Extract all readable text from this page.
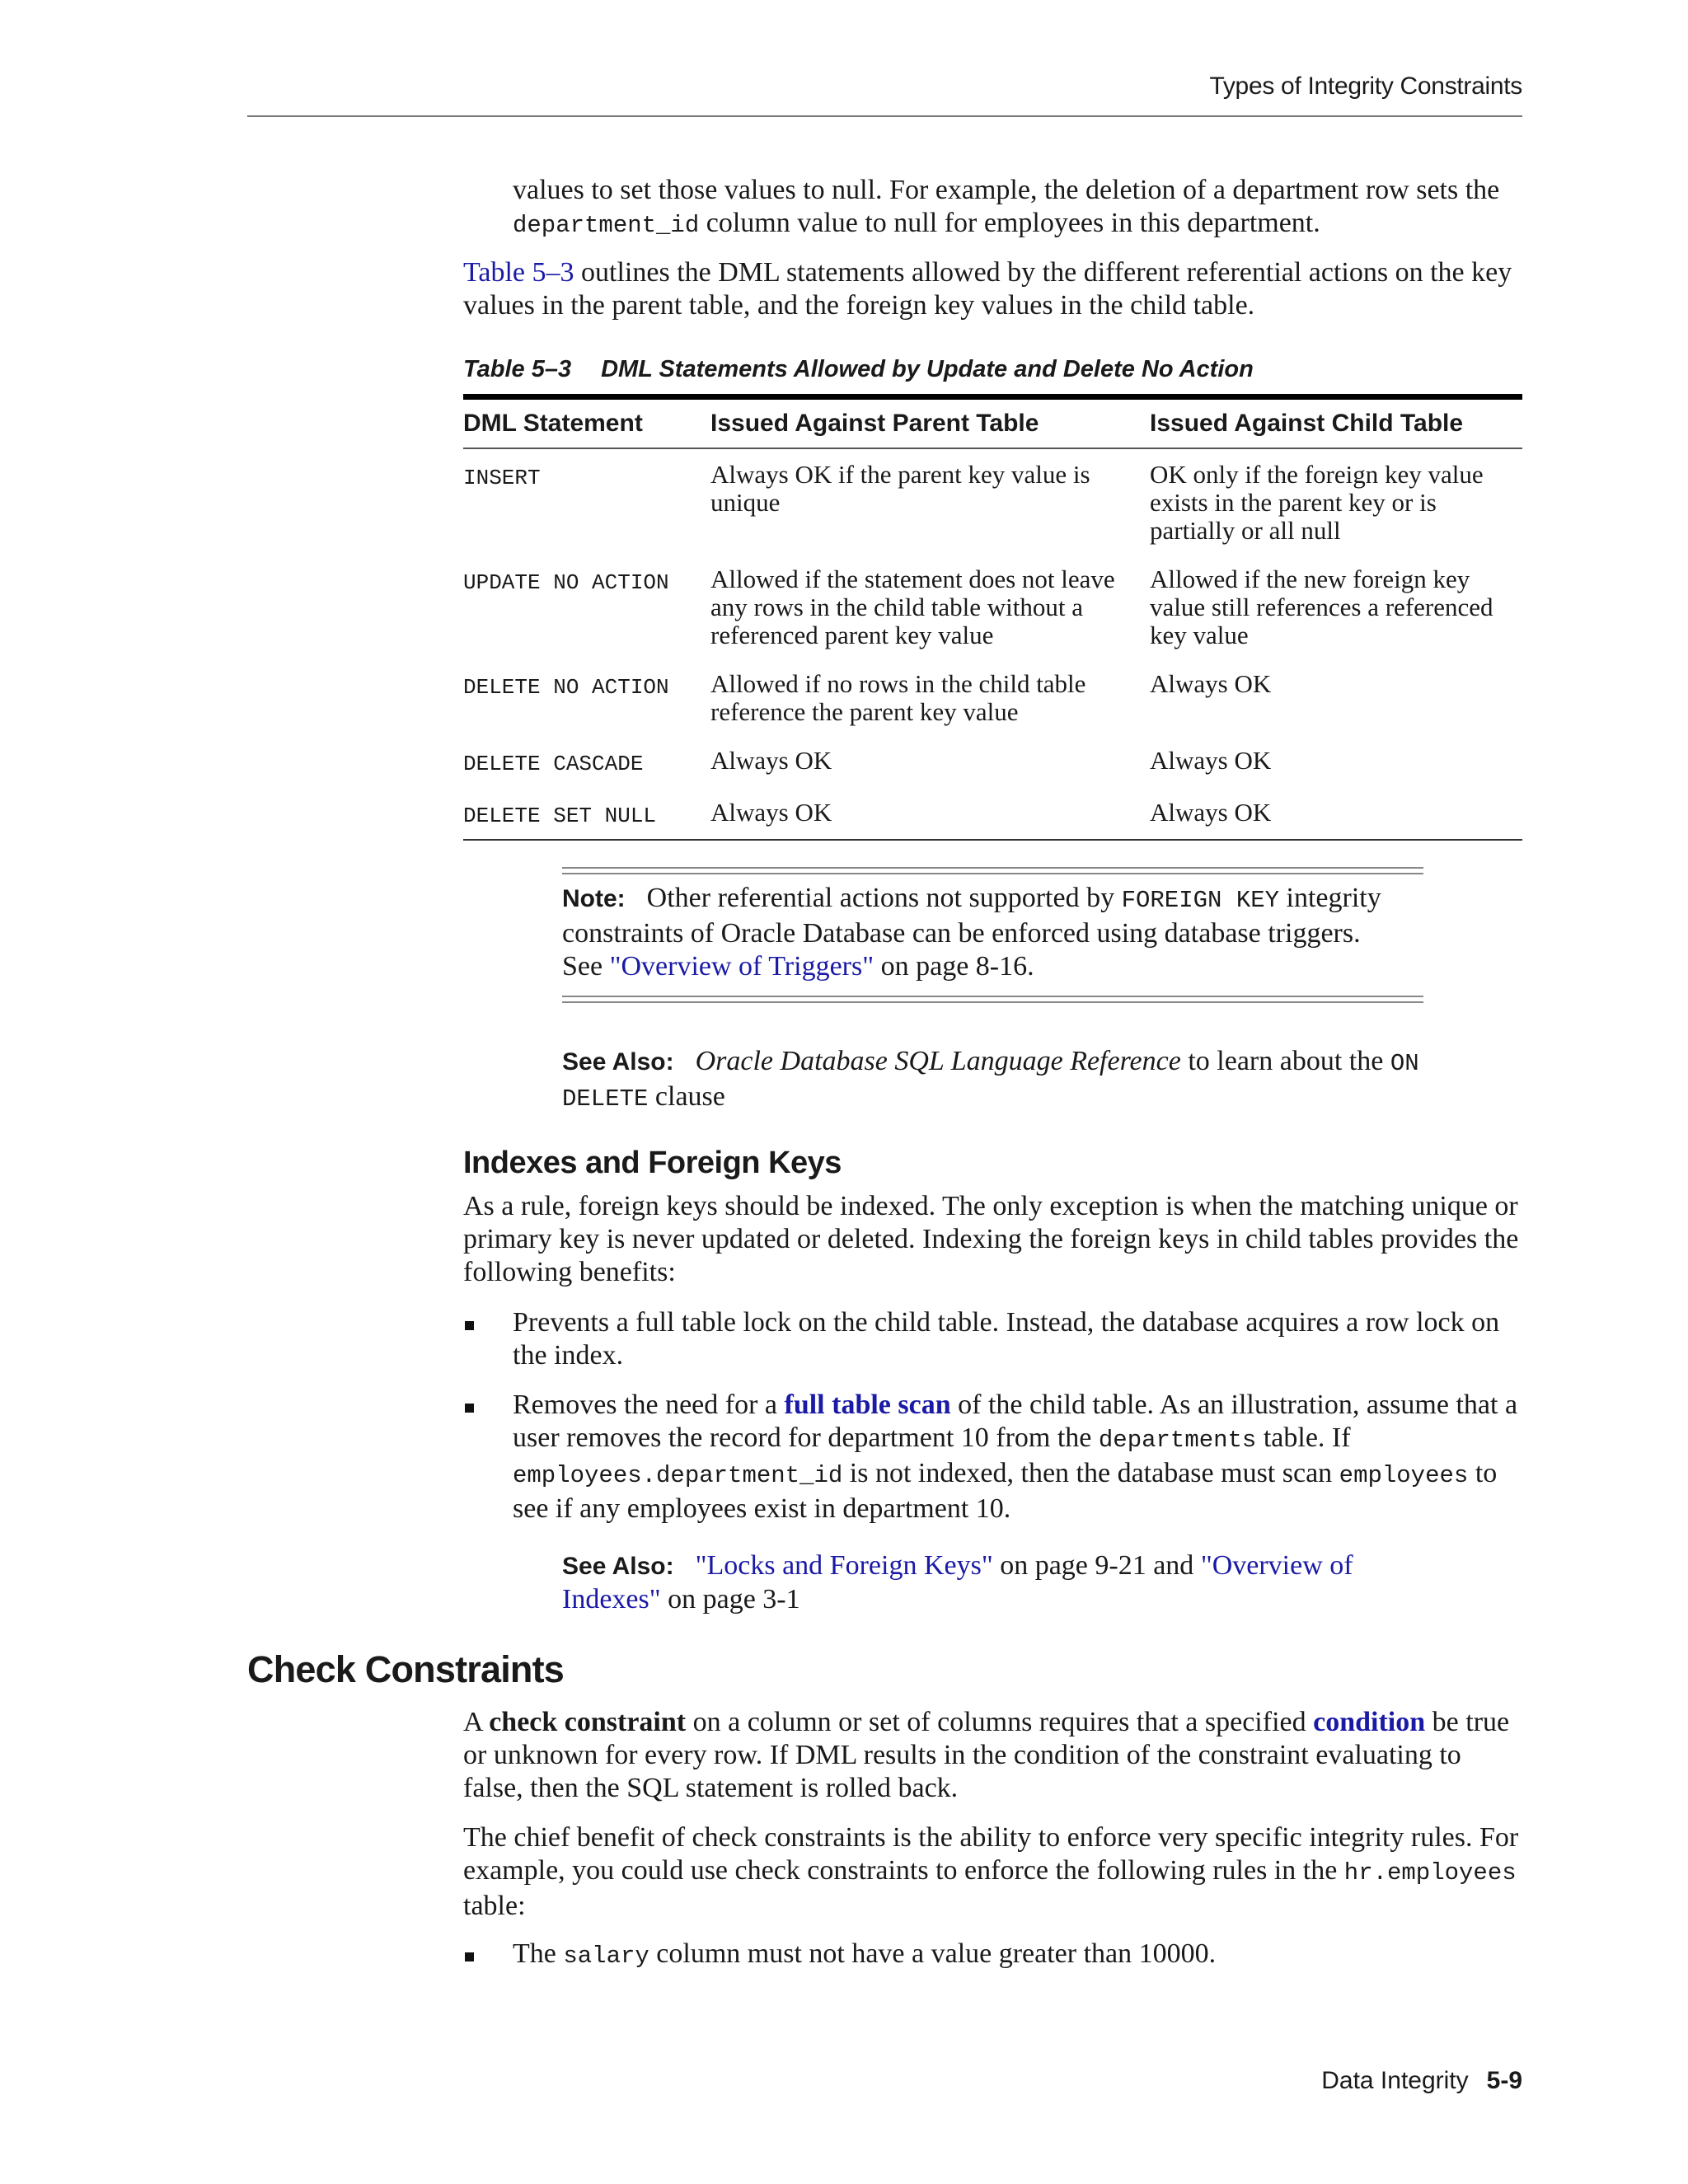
Types of Integrity Constraints

values to set those values to null. For example, the deletion of a department row sets the department_id column value to null for employees in this department.

Table 5–3 outlines the DML statements allowed by the different referential actions on the key values in the parent table, and the foreign key values in the child table.

Table 5–3 DML Statements Allowed by Update and Delete No Action
DML Statement	Issued Against Parent Table	Issued Against Child Table
INSERT	Always OK if the parent key value is unique	OK only if the foreign key value exists in the parent key or is partially or all null
UPDATE NO ACTION	Allowed if the statement does not leave any rows in the child table without a referenced parent key value	Allowed if the new foreign key value still references a referenced key value
DELETE NO ACTION	Allowed if no rows in the child table reference the parent key value	Always OK
DELETE CASCADE	Always OK	Always OK
DELETE SET NULL	Always OK	Always OK

Note: Other referential actions not supported by FOREIGN KEY integrity constraints of Oracle Database can be enforced using database triggers. See "Overview of Triggers" on page 8-16.

See Also: Oracle Database SQL Language Reference to learn about the ON DELETE clause

Indexes and Foreign Keys

As a rule, foreign keys should be indexed. The only exception is when the matching unique or primary key is never updated or deleted. Indexing the foreign keys in child tables provides the following benefits:

Prevents a full table lock on the child table. Instead, the database acquires a row lock on the index.

Removes the need for a full table scan of the child table. As an illustration, assume that a user removes the record for department 10 from the departments table. If employees.department_id is not indexed, then the database must scan employees to see if any employees exist in department 10.

See Also: "Locks and Foreign Keys" on page 9-21 and "Overview of Indexes" on page 3-1

Check Constraints

A check constraint on a column or set of columns requires that a specified condition be true or unknown for every row. If DML results in the condition of the constraint evaluating to false, then the SQL statement is rolled back.

The chief benefit of check constraints is the ability to enforce very specific integrity rules. For example, you could use check constraints to enforce the following rules in the hr.employees table:

The salary column must not have a value greater than 10000.

Data Integrity 5-9
